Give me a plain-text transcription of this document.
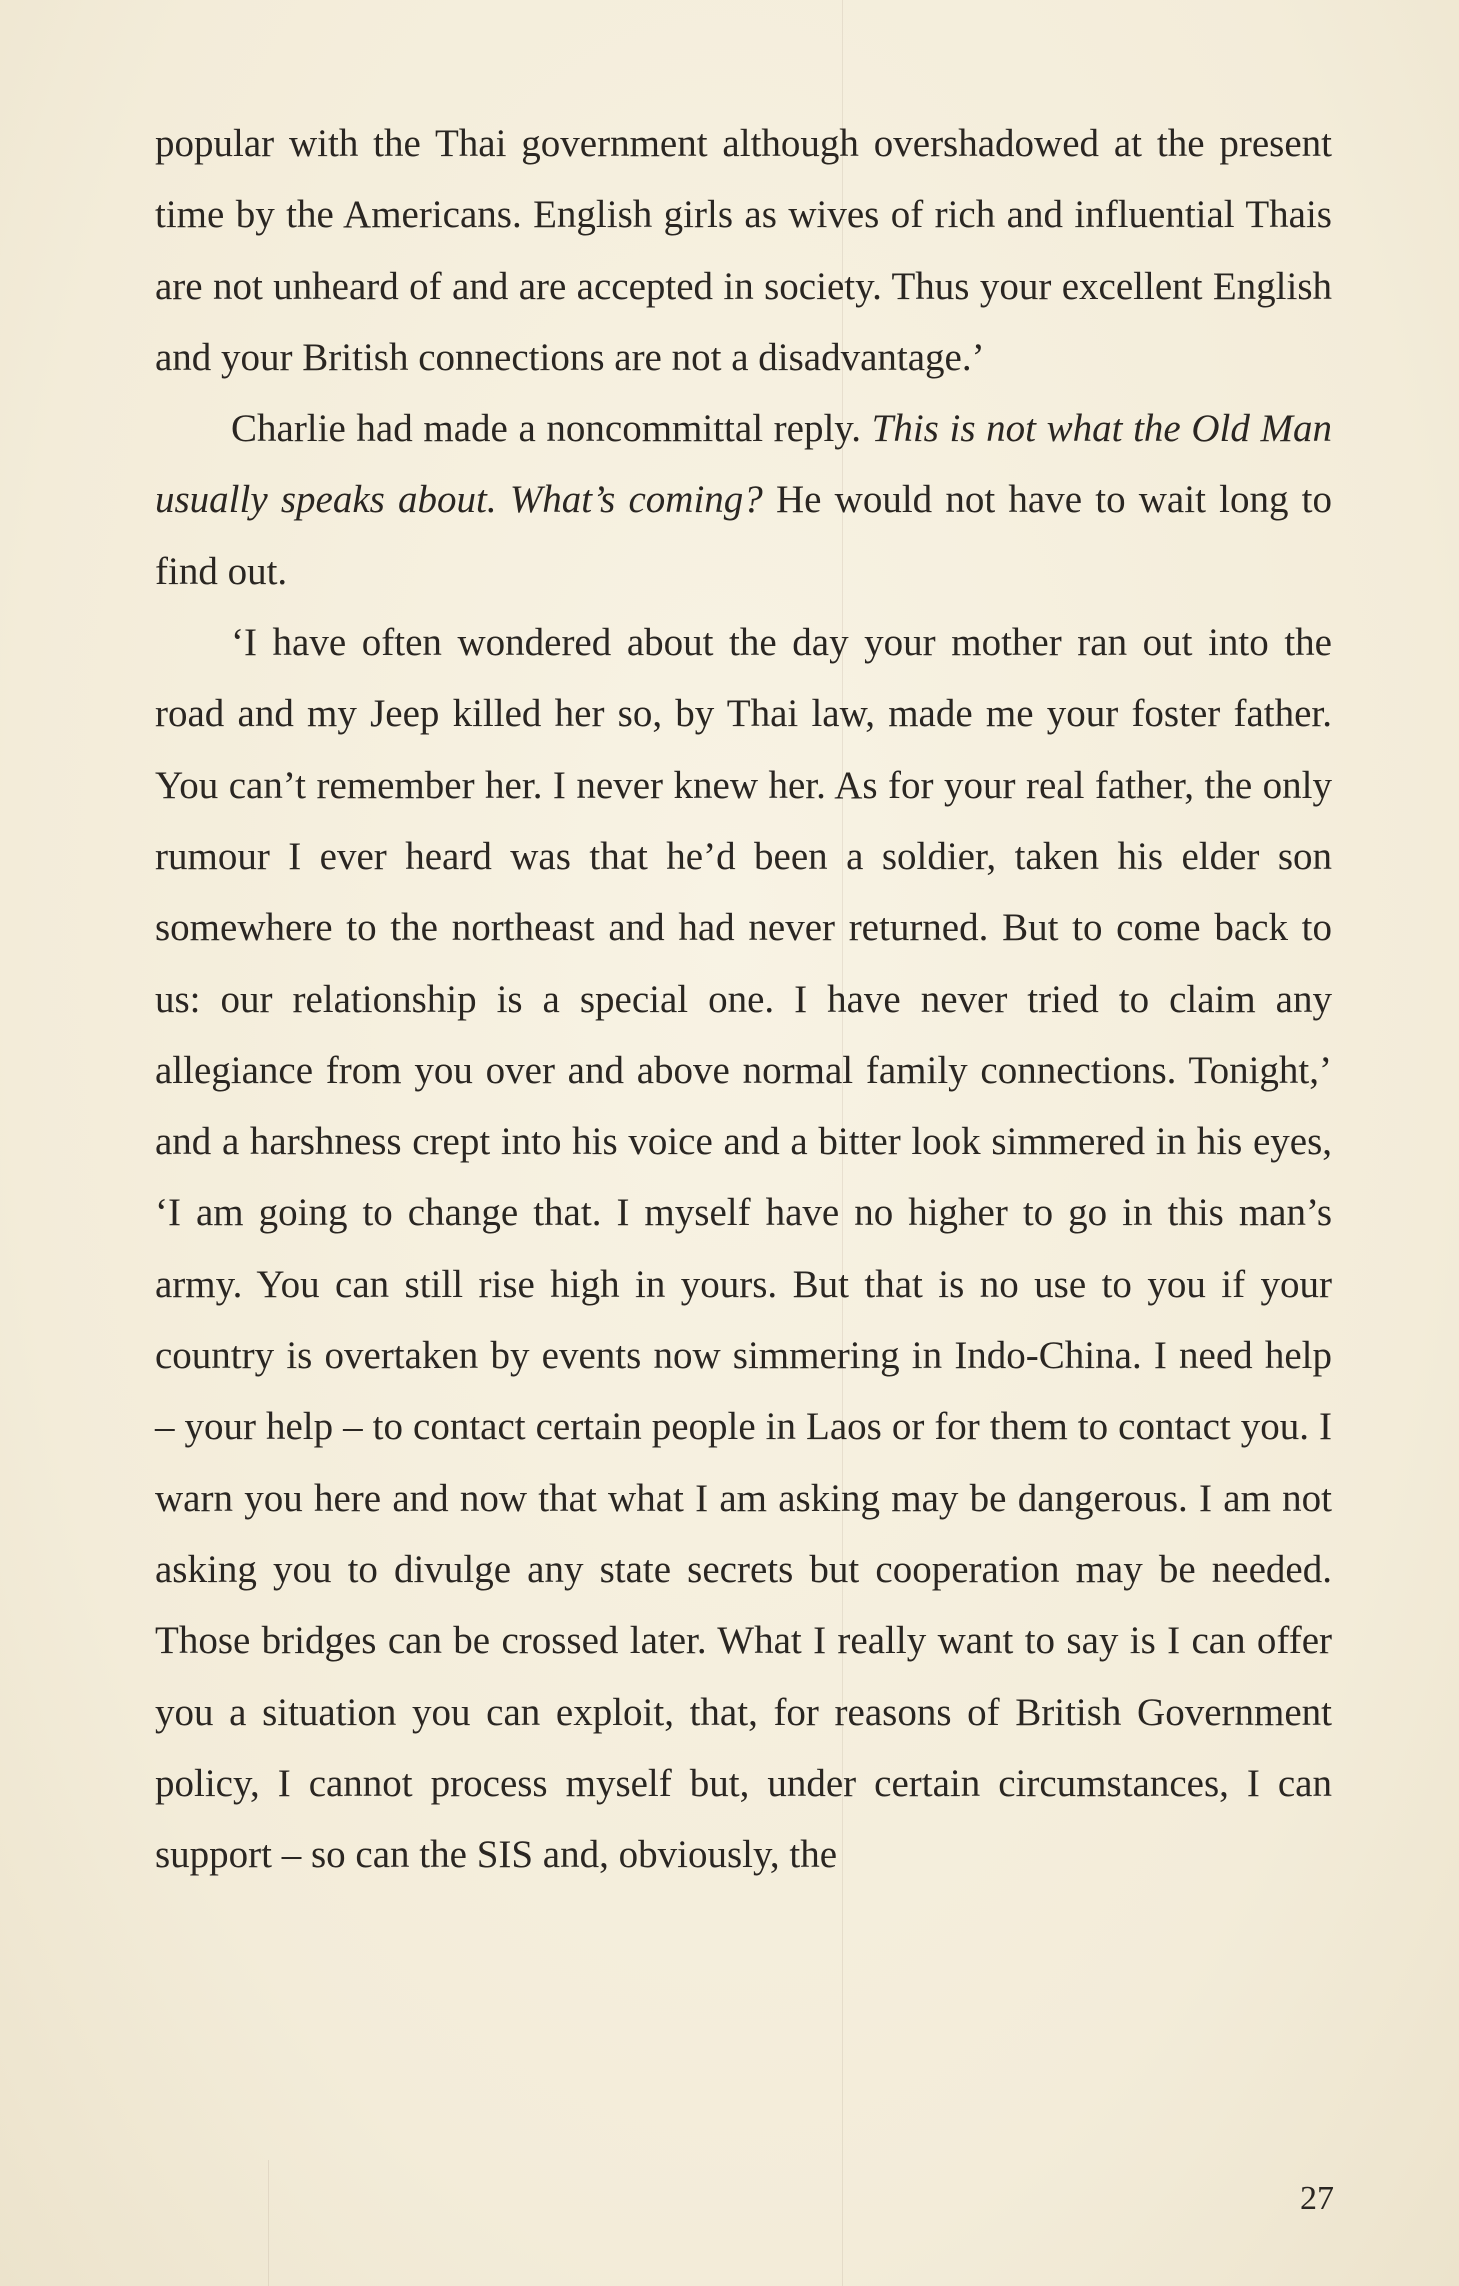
popular with the Thai government although overshadowed at the present time by the Americans. English girls as wives of rich and influential Thais are not unheard of and are accepted in society. Thus your excellent English and your British connections are not a disadvantage.’

Charlie had made a noncommittal reply. This is not what the Old Man usually speaks about. What’s coming? He would not have to wait long to find out.

‘I have often wondered about the day your mother ran out into the road and my Jeep killed her so, by Thai law, made me your foster father. You can’t remember her. I never knew her. As for your real father, the only rumour I ever heard was that he’d been a soldier, taken his elder son somewhere to the northeast and had never returned. But to come back to us: our relationship is a special one. I have never tried to claim any allegiance from you over and above normal family connections. Tonight,’ and a harshness crept into his voice and a bitter look simmered in his eyes, ‘I am going to change that. I myself have no higher to go in this man’s army. You can still rise high in yours. But that is no use to you if your country is overtaken by events now simmering in Indo-China. I need help – your help – to contact certain people in Laos or for them to contact you. I warn you here and now that what I am asking may be dangerous. I am not asking you to divulge any state secrets but cooperation may be needed. Those bridges can be crossed later. What I really want to say is I can offer you a situation you can exploit, that, for reasons of British Government policy, I cannot process myself but, under certain circumstances, I can support – so can the SIS and, obviously, the

27
